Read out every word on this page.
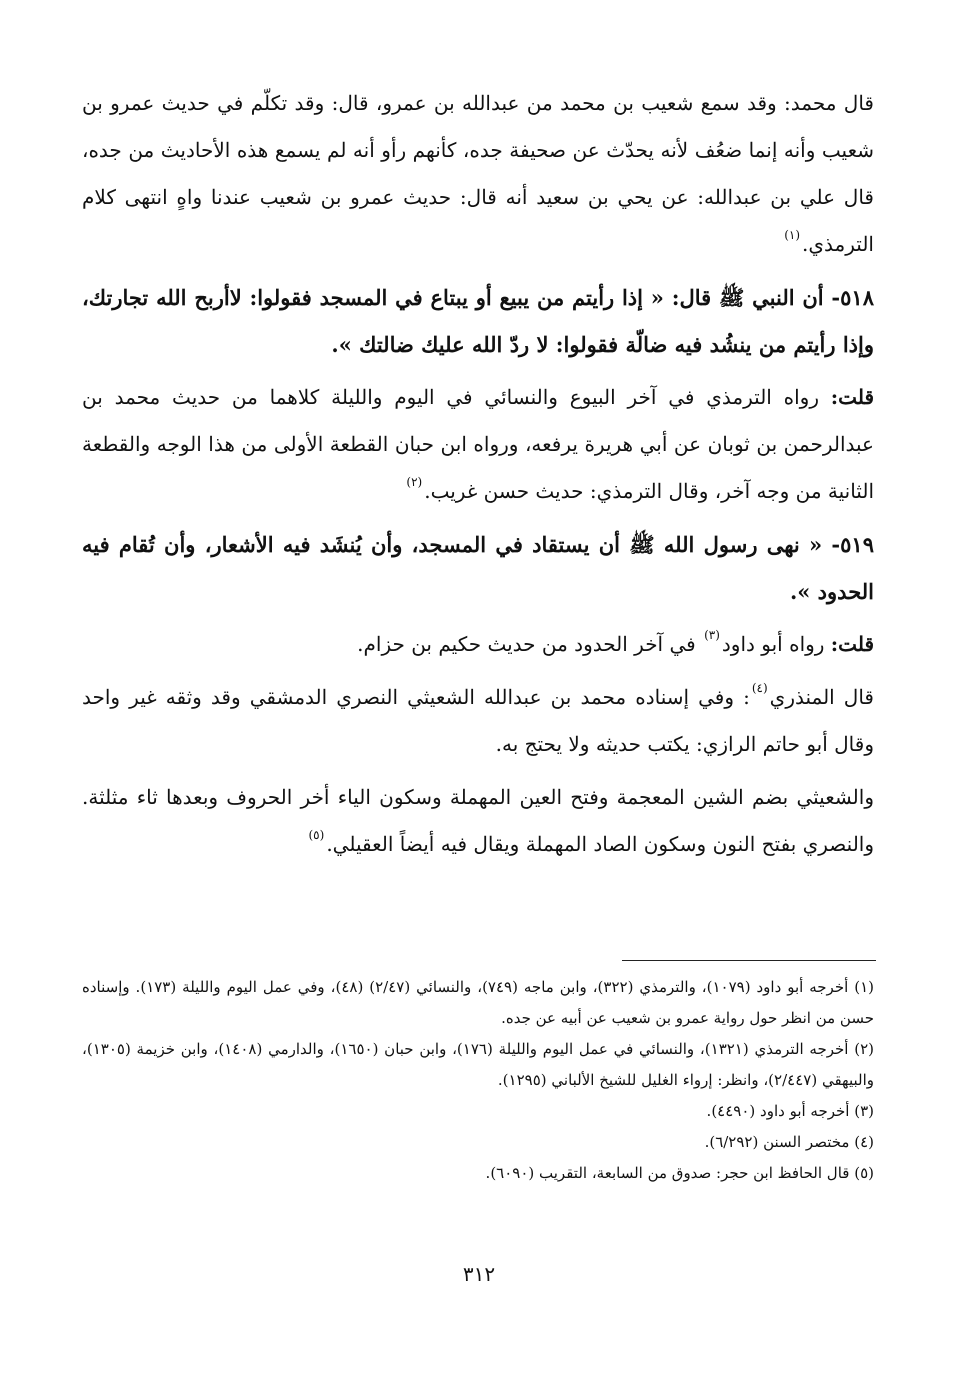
قال محمد: وقد سمع شعيب بن محمد من عبدالله بن عمرو، قال: وقد تكلّم في حديث عمرو بن شعيب وأنه إنما ضعُف لأنه يحدّث عن صحيفة جده، كأنهم رأو أنه لم يسمع هذه الأحاديث من جده، قال علي بن عبدالله: عن يحي بن سعيد أنه قال: حديث عمرو بن شعيب عندنا واهٍ انتهى كلام الترمذي.$^{(١)}$

٥١٨- أن النبي ﷺ قال: « إذا رأيتم من يبيع أو يبتاع في المسجد فقولوا: لاأربح الله تجارتك، وإذا رأيتم من ينشُد فيه ضالّة فقولوا: لا ردّ الله عليك ضالتك ».

قلت: رواه الترمذي في آخر البيوع والنسائي في اليوم والليلة كلاهما من حديث محمد بن عبدالرحمن بن ثوبان عن أبي هريرة يرفعه، ورواه ابن حبان القطعة الأولى من هذا الوجه والقطعة الثانية من وجه آخر، وقال الترمذي: حديث حسن غريب.$^{(٢)}$

٥١٩- « نهى رسول الله ﷺ أن يستقاد في المسجد، وأن يُنشَد فيه الأشعار، وأن تُقام فيه الحدود ».

قلت: رواه أبو داود$^{(٣)}$ في آخر الحدود من حديث حكيم بن حزام.

قال المنذري$^{(٤)}$: وفي إسناده محمد بن عبدالله الشعيثي النصري الدمشقي وقد وثقه غير واحد وقال أبو حاتم الرازي: يكتب حديثه ولا يحتج به.

والشعيثي بضم الشين المعجمة وفتح العين المهملة وسكون الياء أخر الحروف وبعدها ثاء مثلثة. والنصري بفتح النون وسكون الصاد المهملة ويقال فيه أيضاً العقيلي.$^{(٥)}$

(١) أخرجه أبو داود (١٠٧٩)، والترمذي (٣٢٢)، وابن ماجه (٧٤٩)، والنسائي (٢/٤٧) (٤٨)، وفي عمل اليوم والليلة (١٧٣). وإسناده حسن من انظر حول رواية عمرو بن شعيب عن أبيه عن جده.

(٢) أخرجه الترمذي (١٣٢١)، والنسائي في عمل اليوم والليلة (١٧٦)، وابن حبان (١٦٥٠)، والدارمي (١٤٠٨)، وابن خزيمة (١٣٠٥)، والبيهقي (٢/٤٤٧)، وانظر: إرواء الغليل للشيخ الألباني (١٢٩٥).

(٣) أخرجه أبو داود (٤٤٩٠).

(٤) مختصر السنن (٦/٢٩٢).

(٥) قال الحافظ ابن حجر: صدوق من السابعة، التقريب (٦٠٩٠).

٣١٢
